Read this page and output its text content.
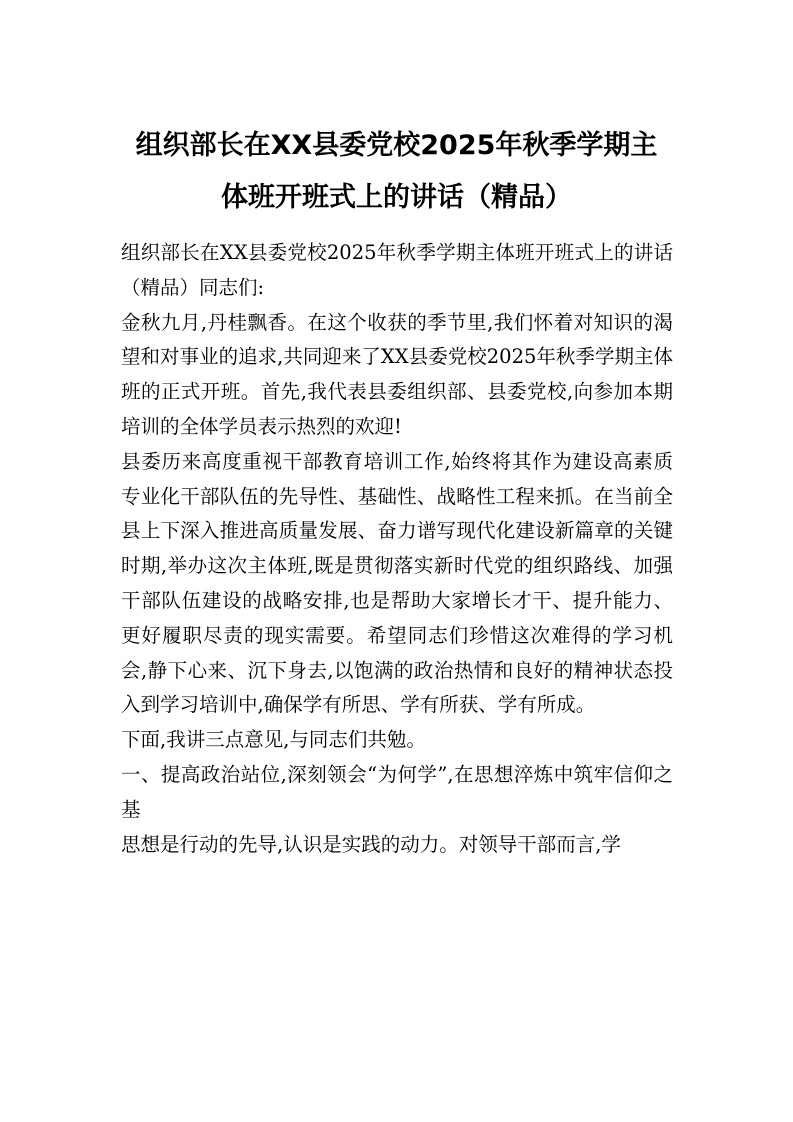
组织部长在XX县委党校2025年秋季学期主
体班开班式上的讲话（精品）

组织部长在XX县委党校2025年秋季学期主体班开班式上的讲话（精品）同志们:

金秋九月,丹桂飘香。在这个收获的季节里,我们怀着对知识的渴望和对事业的追求,共同迎来了XX县委党校2025年秋季学期主体班的正式开班。首先,我代表县委组织部、县委党校,向参加本期培训的全体学员表示热烈的欢迎!

县委历来高度重视干部教育培训工作,始终将其作为建设高素质专业化干部队伍的先导性、基础性、战略性工程来抓。在当前全县上下深入推进高质量发展、奋力谱写现代化建设新篇章的关键时期,举办这次主体班,既是贯彻落实新时代党的组织路线、加强干部队伍建设的战略安排,也是帮助大家增长才干、提升能力、更好履职尽责的现实需要。希望同志们珍惜这次难得的学习机会,静下心来、沉下身去,以饱满的政治热情和良好的精神状态投入到学习培训中,确保学有所思、学有所获、学有所成。

下面,我讲三点意见,与同志们共勉。

一、提高政治站位,深刻领会“为何学”,在思想淬炼中筑牢信仰之基

思想是行动的先导,认识是实践的动力。对领导干部而言,学
